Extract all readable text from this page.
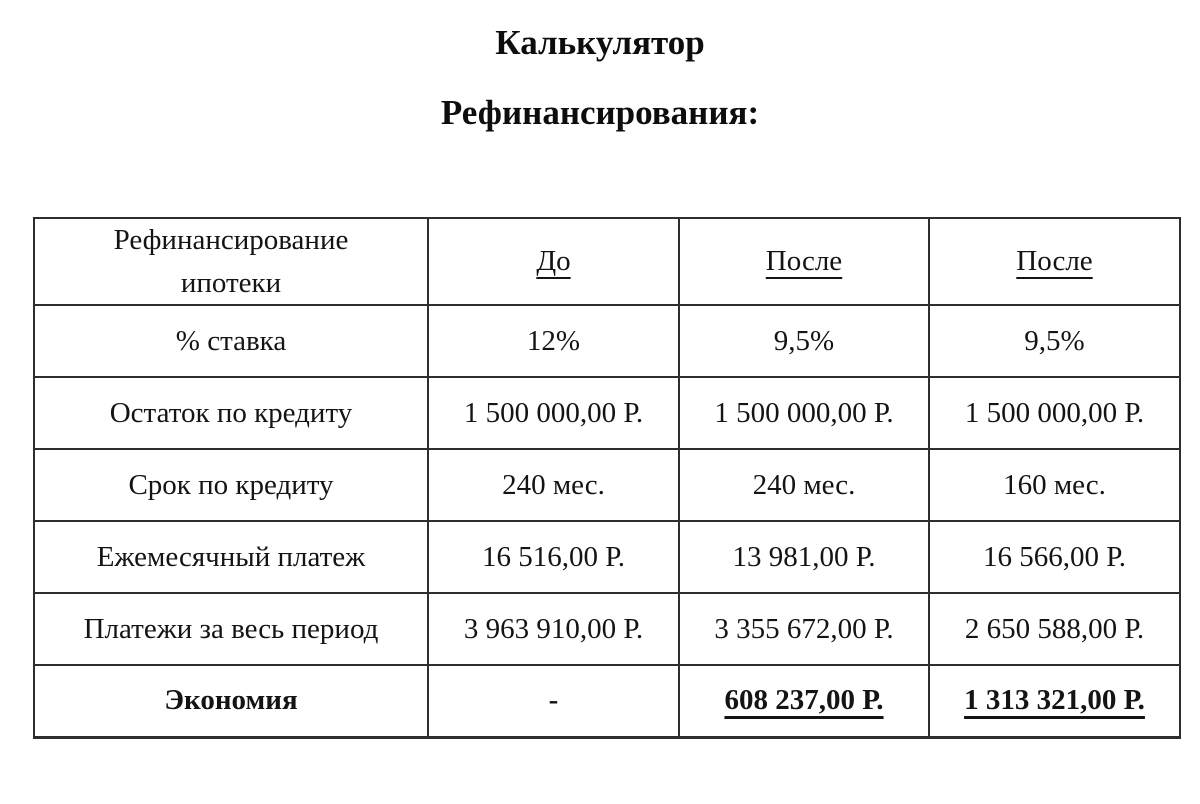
Калькулятор
Рефинансирования:
Рефинансирование
ипотеки	До	После	После
% ставка	12%	9,5%	9,5%
Остаток по кредиту	1 500 000,00 Р.	1 500 000,00 Р.	1 500 000,00 Р.
Срок по кредиту	240 мес.	240 мес.	160 мес.
Ежемесячный платеж	16 516,00 Р.	13 981,00 Р.	16 566,00 Р.
Платежи за весь период	3 963 910,00 Р.	3 355 672,00 Р.	2 650 588,00 Р.
Экономия	-	608 237,00 Р.	1 313 321,00 Р.
